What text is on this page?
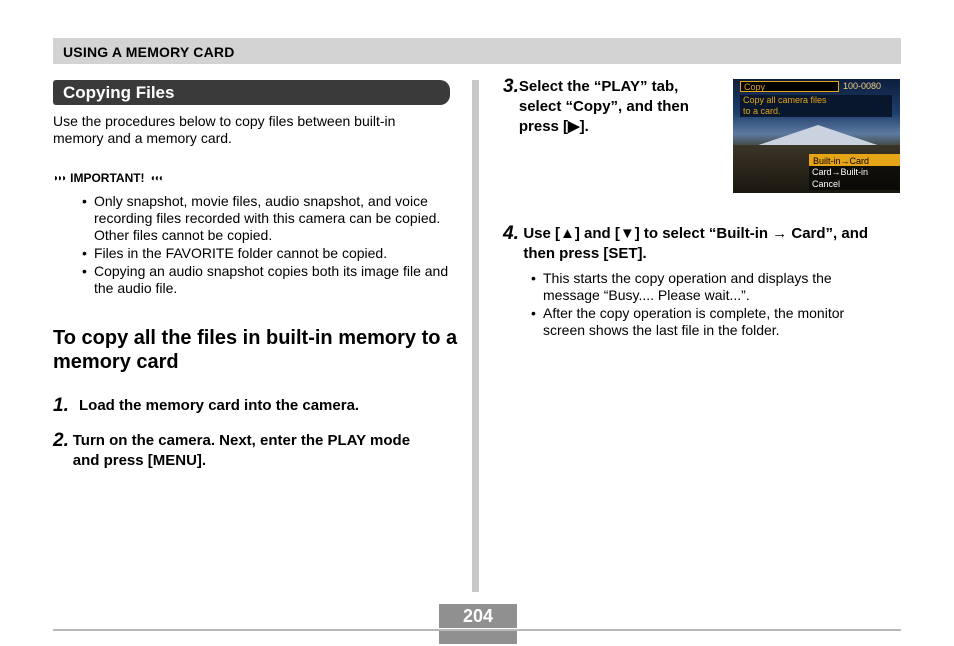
USING A MEMORY CARD
Copying Files
Use the procedures below to copy files between built-in memory and a memory card.
◗◗◗ IMPORTANT! ◖◖◖
• Only snapshot, movie files, audio snapshot, and voice recording files recorded with this camera can be copied. Other files cannot be copied.
• Files in the FAVORITE folder cannot be copied.
• Copying an audio snapshot copies both its image file and the audio file.
To copy all the files in built-in memory to a memory card
1. Load the memory card into the camera.
2. Turn on the camera. Next, enter the PLAY mode and press [MENU].
3. Select the “PLAY” tab, select “Copy”, and then press [▶].
Copy	100-0080
Copy all camera files
to a card.
Built-in→Card
Card→Built-in
Cancel
4. Use [▲] and [▼] to select “Built-in → Card”, and then press [SET].
• This starts the copy operation and displays the message “Busy.... Please wait...”.
• After the copy operation is complete, the monitor screen shows the last file in the folder.
204
